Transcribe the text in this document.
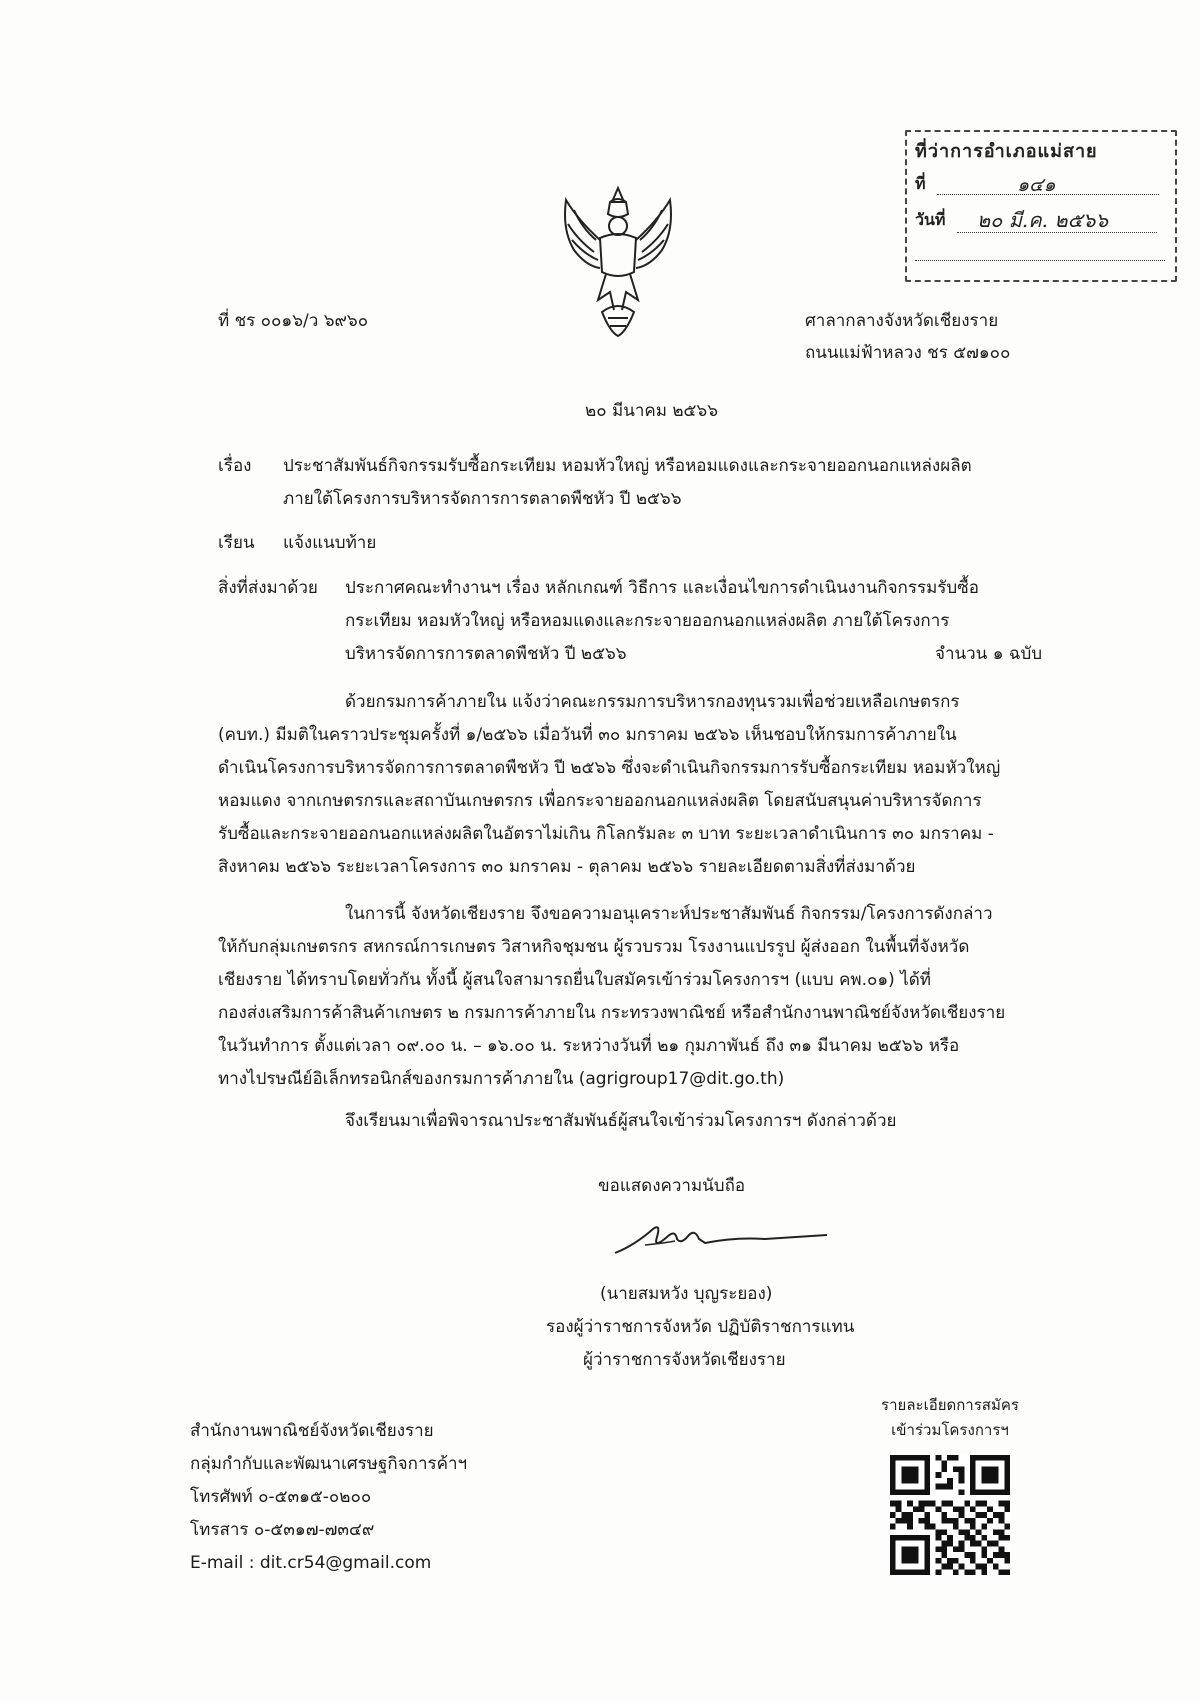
ที่ว่าการอำเภอแม่สาย
ที่	๑๔๑
วันที่ ๒๐ มี.ค. ๒๕๖๖
ที่ ชร ๐๐๑๖/ว ๖๙๖๐	ศาลากลางจังหวัดเชียงราย
ถนนแม่ฟ้าหลวง ชร ๕๗๑๐๐
๒๐ มีนาคม ๒๕๖๖
เรื่อง ประชาสัมพันธ์กิจกรรมรับซื้อกระเทียม หอมหัวใหญ่ หรือหอมแดงและกระจายออกนอกแหล่งผลิต
ภายใต้โครงการบริหารจัดการการตลาดพืชหัว ปี ๒๕๖๖
เรียน แจ้งแนบท้าย
สิ่งที่ส่งมาด้วย ประกาศคณะทำงานฯ เรื่อง หลักเกณฑ์ วิธีการ และเงื่อนไขการดำเนินงานกิจกรรมรับซื้อ
กระเทียม หอมหัวใหญ่ หรือหอมแดงและกระจายออกนอกแหล่งผลิต ภายใต้โครงการ
บริหารจัดการการตลาดพืชหัว ปี ๒๕๖๖	จำนวน ๑ ฉบับ
ด้วยกรมการค้าภายใน แจ้งว่าคณะกรรมการบริหารกองทุนรวมเพื่อช่วยเหลือเกษตรกร
(คบท.) มีมติในคราวประชุมครั้งที่ ๑/๒๕๖๖ เมื่อวันที่ ๓๐ มกราคม ๒๕๖๖ เห็นชอบให้กรมการค้าภายใน
ดำเนินโครงการบริหารจัดการการตลาดพืชหัว ปี ๒๕๖๖ ซึ่งจะดำเนินกิจกรรมการรับซื้อกระเทียม หอมหัวใหญ่
หอมแดง จากเกษตรกรและสถาบันเกษตรกร เพื่อกระจายออกนอกแหล่งผลิต โดยสนับสนุนค่าบริหารจัดการ
รับซื้อและกระจายออกนอกแหล่งผลิตในอัตราไม่เกิน กิโลกรัมละ ๓ บาท ระยะเวลาดำเนินการ ๓๐ มกราคม -
สิงหาคม ๒๕๖๖ ระยะเวลาโครงการ ๓๐ มกราคม - ตุลาคม ๒๕๖๖ รายละเอียดตามสิ่งที่ส่งมาด้วย
ในการนี้ จังหวัดเชียงราย จึงขอความอนุเคราะห์ประชาสัมพันธ์ กิจกรรม/โครงการดังกล่าว
ให้กับกลุ่มเกษตรกร สหกรณ์การเกษตร วิสาหกิจชุมชน ผู้รวบรวม โรงงานแปรรูป ผู้ส่งออก ในพื้นที่จังหวัด
เชียงราย ได้ทราบโดยทั่วกัน ทั้งนี้ ผู้สนใจสามารถยื่นใบสมัครเข้าร่วมโครงการฯ (แบบ คพ.๐๑) ได้ที่
กองส่งเสริมการค้าสินค้าเกษตร ๒ กรมการค้าภายใน กระทรวงพาณิชย์ หรือสำนักงานพาณิชย์จังหวัดเชียงราย
ในวันทำการ ตั้งแต่เวลา ๐๙.๐๐ น. – ๑๖.๐๐ น. ระหว่างวันที่ ๒๑ กุมภาพันธ์ ถึง ๓๑ มีนาคม ๒๕๖๖ หรือ
ทางไปรษณีย์อิเล็กทรอนิกส์ของกรมการค้าภายใน (agrigroup17@dit.go.th)
จึงเรียนมาเพื่อพิจารณาประชาสัมพันธ์ผู้สนใจเข้าร่วมโครงการฯ ดังกล่าวด้วย
ขอแสดงความนับถือ
(นายสมหวัง บุญระยอง)
รองผู้ว่าราชการจังหวัด ปฏิบัติราชการแทน
ผู้ว่าราชการจังหวัดเชียงราย
สำนักงานพาณิชย์จังหวัดเชียงราย
กลุ่มกำกับและพัฒนาเศรษฐกิจการค้าฯ
โทรศัพท์ ๐-๕๓๑๕-๐๒๐๐
โทรสาร ๐-๕๓๑๗-๗๓๔๙
E-mail : dit.cr54@gmail.com
รายละเอียดการสมัคร
เข้าร่วมโครงการฯ
